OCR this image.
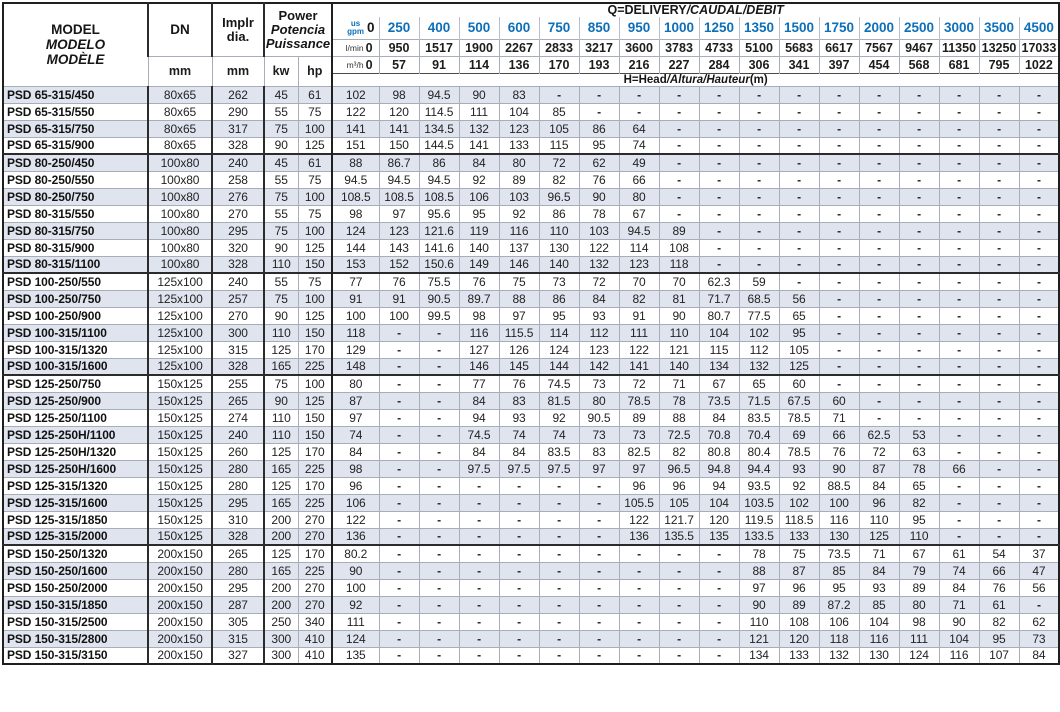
MODEL
MODELO
MODÈLE
	DN	Implr
dia.

Power
Potencia
Puissance
	Q=DELIVERY/CAUDAL/DÉBIT

					us
gpm 0	250	400	500	600	750	850	950	1000	1250	1350	1500	1750	2000	2500	3000	3500	4500

					l/min 0	950	1517	1900	2267	2833	3217	3600	3783	4733	5100	5683	6617	7567	9467	11350	13250	17033
	mm	mm	kw	hp	m³/h 0	57	91	114	136	170	193	216	227	284	306	341	397	454	568	681	795	1022
					H=Head/Altura/Hauteur(m)																	
PSD 65-315/450	80x65	262	45	61	102	98	94.5	90	83	-	-	-	-	-	-	-	-	-	-	-	-	-
PSD 65-315/550	80x65	290	55	75	122	120	114.5	111	104	85	-	-	-	-	-	-	-	-	-	-	-	-
PSD 65-315/750	80x65	317	75	100	141	141	134.5	132	123	105	86	64	-	-	-	-	-	-	-	-	-	-
PSD 65-315/900	80x65	328	90	125	151	150	144.5	141	133	115	95	74	-	-	-	-	-	-	-	-	-	-
PSD 80-250/450	100x80	240	45	61	88	86.7	86	84	80	72	62	49	-	-	-	-	-	-	-	-	-	-
PSD 80-250/550	100x80	258	55	75	94.5	94.5	94.5	92	89	82	76	66	-	-	-	-	-	-	-	-	-	-
PSD 80-250/750	100x80	276	75	100	108.5	108.5	108.5	106	103	96.5	90	80	-	-	-	-	-	-	-	-	-	-
PSD 80-315/550	100x80	270	55	75	98	97	95.6	95	92	86	78	67	-	-	-	-	-	-	-	-	-	-
PSD 80-315/750	100x80	295	75	100	124	123	121.6	119	116	110	103	94.5	89	-	-	-	-	-	-	-	-	-
PSD 80-315/900	100x80	320	90	125	144	143	141.6	140	137	130	122	114	108	-	-	-	-	-	-	-	-	-
PSD 80-315/1100	100x80	328	110	150	153	152	150.6	149	146	140	132	123	118	-	-	-	-	-	-	-	-	-
PSD 100-250/550	125x100	240	55	75	77	76	75.5	76	75	73	72	70	70	62.3	59	-	-	-	-	-	-	-
PSD 100-250/750	125x100	257	75	100	91	91	90.5	89.7	88	86	84	82	81	71.7	68.5	56	-	-	-	-	-	-
PSD 100-250/900	125x100	270	90	125	100	100	99.5	98	97	95	93	91	90	80.7	77.5	65	-	-	-	-	-	-
PSD 100-315/1100	125x100	300	110	150	118	-	-	116	115.5	114	112	111	110	104	102	95	-	-	-	-	-	-
PSD 100-315/1320	125x100	315	125	170	129	-	-	127	126	124	123	122	121	115	112	105	-	-	-	-	-	-
PSD 100-315/1600	125x100	328	165	225	148	-	-	146	145	144	142	141	140	134	132	125	-	-	-	-	-	-
PSD 125-250/750	150x125	255	75	100	80	-	-	77	76	74.5	73	72	71	67	65	60	-	-	-	-	-	-
PSD 125-250/900	150x125	265	90	125	87	-	-	84	83	81.5	80	78.5	78	73.5	71.5	67.5	60	-	-	-	-	-
PSD 125-250/1100	150x125	274	110	150	97	-	-	94	93	92	90.5	89	88	84	83.5	78.5	71	-	-	-	-	-
PSD 125-250H/1100	150x125	240	110	150	74	-	-	74.5	74	74	73	73	72.5	70.8	70.4	69	66	62.5	53	-	-	-
PSD 125-250H/1320	150x125	260	125	170	84	-	-	84	84	83.5	83	82.5	82	80.8	80.4	78.5	76	72	63	-	-	-
PSD 125-250H/1600	150x125	280	165	225	98	-	-	97.5	97.5	97.5	97	97	96.5	94.8	94.4	93	90	87	78	66	-	-
PSD 125-315/1320	150x125	280	125	170	96	-	-	-	-	-	-	96	96	94	93.5	92	88.5	84	65	-	-	-
PSD 125-315/1600	150x125	295	165	225	106	-	-	-	-	-	-	105.5	105	104	103.5	102	100	96	82	-	-	-
PSD 125-315/1850	150x125	310	200	270	122	-	-	-	-	-	-	122	121.7	120	119.5	118.5	116	110	95	-	-	-
PSD 125-315/2000	150x125	328	200	270	136	-	-	-	-	-	-	136	135.5	135	133.5	133	130	125	110	-	-	-
PSD 150-250/1320	200x150	265	125	170	80.2	-	-	-	-	-	-	-	-	-	78	75	73.5	71	67	61	54	37
PSD 150-250/1600	200x150	280	165	225	90	-	-	-	-	-	-	-	-	-	88	87	85	84	79	74	66	47
PSD 150-250/2000	200x150	295	200	270	100	-	-	-	-	-	-	-	-	-	97	96	95	93	89	84	76	56
PSD 150-315/1850	200x150	287	200	270	92	-	-	-	-	-	-	-	-	-	90	89	87.2	85	80	71	61	-
PSD 150-315/2500	200x150	305	250	340	111	-	-	-	-	-	-	-	-	-	110	108	106	104	98	90	82	62
PSD 150-315/2800	200x150	315	300	410	124	-	-	-	-	-	-	-	-	-	121	120	118	116	111	104	95	73
PSD 150-315/3150	200x150	327	300	410	135	-	-	-	-	-	-	-	-	-	134	133	132	130	124	116	107	84
